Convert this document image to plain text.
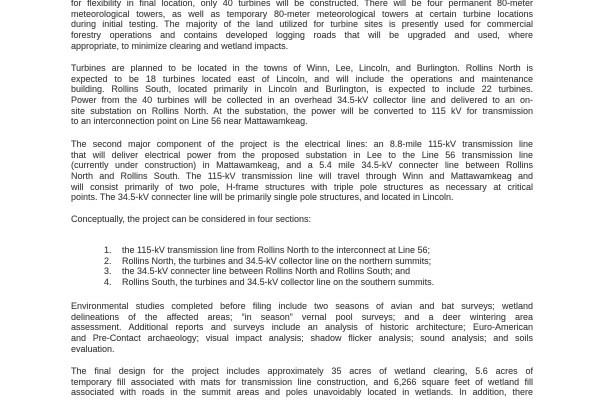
for flexibility in final location, only 40 turbines will be constructed. There will be four permanent 80-meter
meteorological towers, as well as temporary 80-meter meteorological towers at certain turbine locations
during initial testing. The majority of the land utilized for turbine sites is presently used for commercial
forestry operations and contains developed logging roads that will be upgraded and used, where
appropriate, to minimize clearing and wetland impacts.
Turbines are planned to be located in the towns of Winn, Lee, Lincoln, and Burlington. Rollins North is
expected to be 18 turbines located east of Lincoln, and will include the operations and maintenance
building. Rollins South, located primarily in Lincoln and Burlington, is expected to include 22 turbines.
Power from the 40 turbines will be collected in an overhead 34.5-kV collector line and delivered to an on-
site substation on Rollins North. At the substation, the power will be converted to 115 kV for transmission
to an interconnection point on Line 56 near Mattawamkeag.
The second major component of the project is the electrical lines: an 8.8-mile 115-kV transmission line
that will deliver electrical power from the proposed substation in Lee to the Line 56 transmission line
(currently under construction) in Mattawamkeag, and a 5.4 mile 34.5-kV connecter line between Rollins
North and Rollins South. The 115-kV transmission line will travel through Winn and Mattawamkeag and
will consist primarily of two pole, H-frame structures with triple pole structures as necessary at critical
points. The 34.5-kV connecter line will be primarily single pole structures, and located in Lincoln.
Conceptually, the project can be considered in four sections:
1.	the 115-kV transmission line from Rollins North to the interconnect at Line 56;
2.	Rollins North, the turbines and 34.5-kV collector line on the northern summits;
3.	the 34.5-kV connecter line between Rollins North and Rollins South; and
4.	Rollins South, the turbines and 34.5-kV collector line on the southern summits.
Environmental studies completed before filing include two seasons of avian and bat surveys; wetland
delineations of the affected areas; “in season” vernal pool surveys; and a deer wintering area
assessment. Additional reports and surveys include an analysis of historic architecture; Euro-American
and Pre-Contact archaeology; visual impact analysis; shadow flicker analysis; sound analysis; and soils
evaluation.
The final design for the project includes approximately 35 acres of wetland clearing, 5.6 acres of
temporary fill associated with mats for transmission line construction, and 6,266 square feet of wetland fill
associated with roads in the summit areas and poles unavoidably located in wetlands. In addition, there
